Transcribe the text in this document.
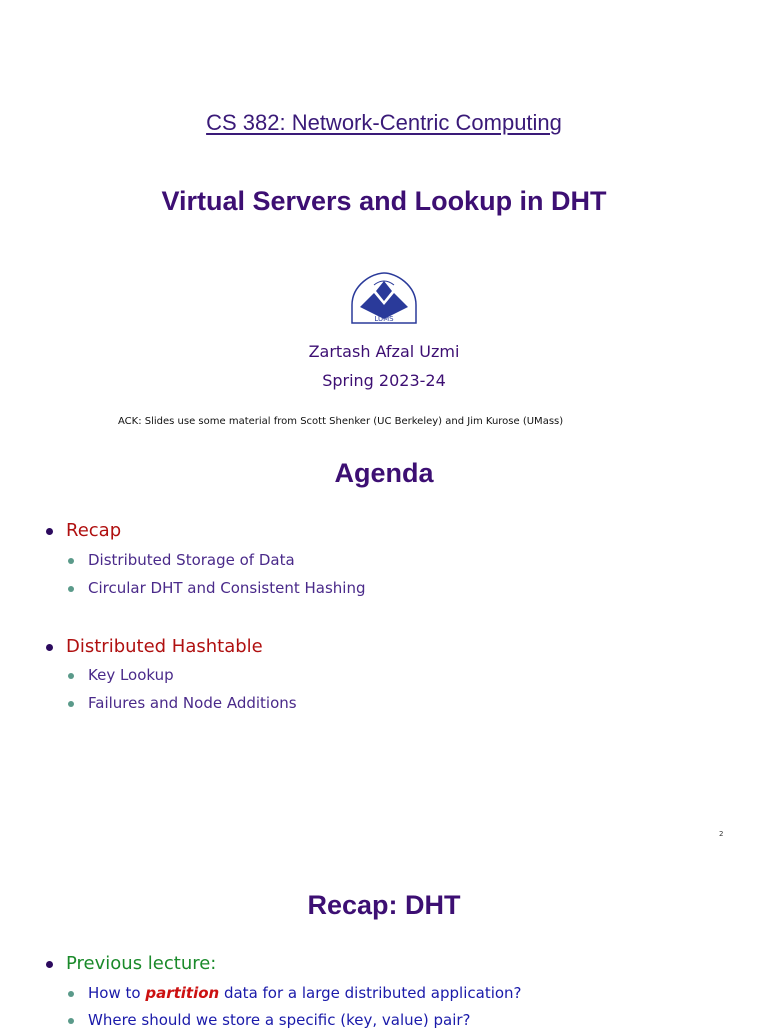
CS 382: Network-Centric Computing
Virtual Servers and Lookup in DHT
LUMS
Zartash Afzal Uzmi
Spring 2023-24
ACK: Slides use some material from Scott Shenker (UC Berkeley) and Jim Kurose (UMass)
Agenda
Recap
Distributed Storage of Data
Circular DHT and Consistent Hashing
Distributed Hashtable
Key Lookup
Failures and Node Additions
2
Recap: DHT
Previous lecture:
How to partition data for a large distributed application?
Where should we store a specific (key, value) pair?
